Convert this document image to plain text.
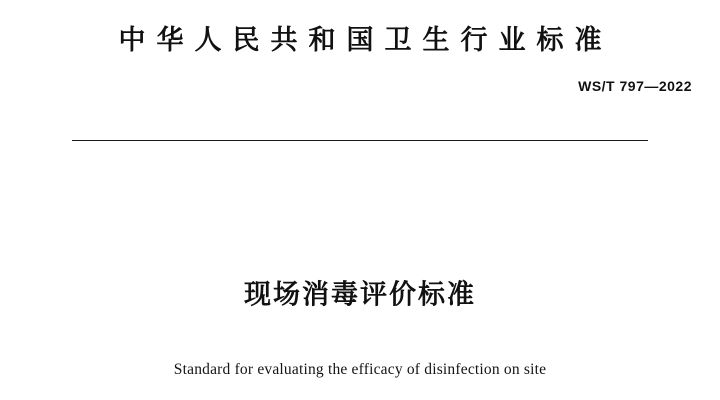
中华人民共和国卫生行业标准
WS/T 797—2022
现场消毒评价标准
Standard for evaluating the efficacy of disinfection on site
